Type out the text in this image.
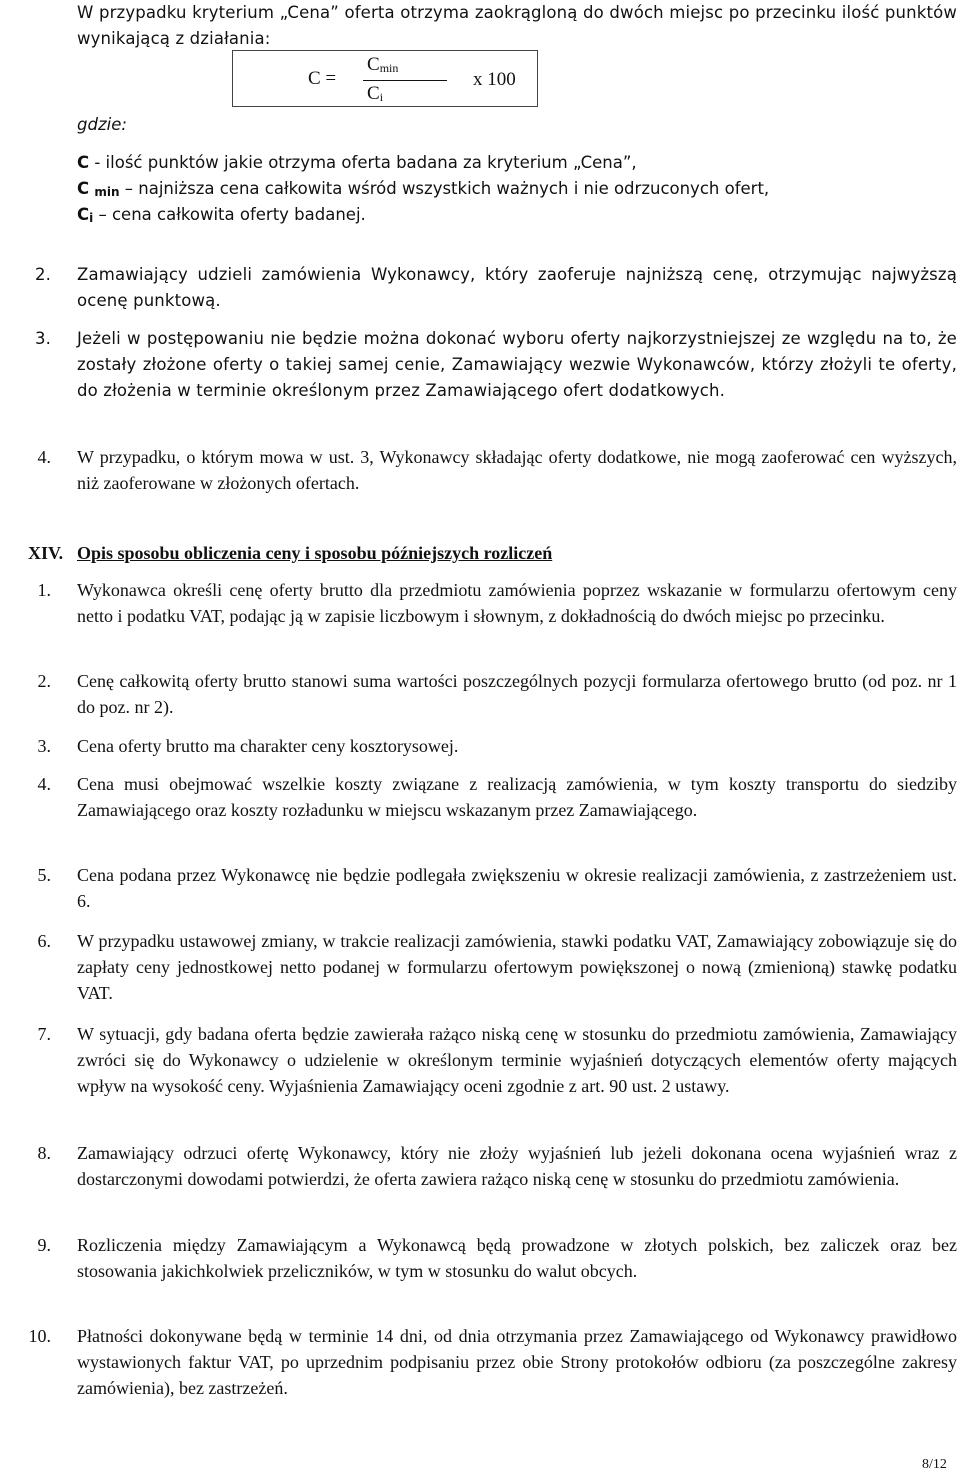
W przypadku kryterium „Cena” oferta otrzyma zaokrągloną do dwóch miejsc po przecinku ilość punktów wynikającą z działania:
C =
$C_{min}$
$C_i$
x 100
gdzie:
C - ilość punktów jakie otrzyma oferta badana za kryterium „Cena”,
C $_{min}$ – najniższa cena całkowita wśród wszystkich ważnych i nie odrzuconych ofert,
$C_i$ – cena całkowita oferty badanej.
2. Zamawiający udzieli zamówienia Wykonawcy, który zaoferuje najniższą cenę, otrzymując najwyższą ocenę punktową.
3. Jeżeli w postępowaniu nie będzie można dokonać wyboru oferty najkorzystniejszej ze względu na to, że zostały złożone oferty o takiej samej cenie, Zamawiający wezwie Wykonawców, którzy złożyli te oferty, do złożenia w terminie określonym przez Zamawiającego ofert dodatkowych.
4. W przypadku, o którym mowa w ust. 3, Wykonawcy składając oferty dodatkowe, nie mogą zaoferować cen wyższych, niż zaoferowane w złożonych ofertach.
XIV. Opis sposobu obliczenia ceny i sposobu późniejszych rozliczeń
1. Wykonawca określi cenę oferty brutto dla przedmiotu zamówienia poprzez wskazanie w formularzu ofertowym ceny netto i podatku VAT, podając ją w zapisie liczbowym i słownym, z dokładnością do dwóch miejsc po przecinku.
2. Cenę całkowitą oferty brutto stanowi suma wartości poszczególnych pozycji formularza ofertowego brutto (od poz. nr 1 do poz. nr 2).
3. Cena oferty brutto ma charakter ceny kosztorysowej.
4. Cena musi obejmować wszelkie koszty związane z realizacją zamówienia, w tym koszty transportu do siedziby Zamawiającego oraz koszty rozładunku w miejscu wskazanym przez Zamawiającego.
5. Cena podana przez Wykonawcę nie będzie podlegała zwiększeniu w okresie realizacji zamówienia, z zastrzeżeniem ust. 6.
6. W przypadku ustawowej zmiany, w trakcie realizacji zamówienia, stawki podatku VAT, Zamawiający zobowiązuje się do zapłaty ceny jednostkowej netto podanej w formularzu ofertowym powiększonej o nową (zmienioną) stawkę podatku VAT.
7. W sytuacji, gdy badana oferta będzie zawierała rażąco niską cenę w stosunku do przedmiotu zamówienia, Zamawiający zwróci się do Wykonawcy o udzielenie w określonym terminie wyjaśnień dotyczących elementów oferty mających wpływ na wysokość ceny. Wyjaśnienia Zamawiający oceni zgodnie z art. 90 ust. 2 ustawy.
8. Zamawiający odrzuci ofertę Wykonawcy, który nie złoży wyjaśnień lub jeżeli dokonana ocena wyjaśnień wraz z dostarczonymi dowodami potwierdzi, że oferta zawiera rażąco niską cenę w stosunku do przedmiotu zamówienia.
9. Rozliczenia między Zamawiającym a Wykonawcą będą prowadzone w złotych polskich, bez zaliczek oraz bez stosowania jakichkolwiek przeliczników, w tym w stosunku do walut obcych.
10. Płatności dokonywane będą w terminie 14 dni, od dnia otrzymania przez Zamawiającego od Wykonawcy prawidłowo wystawionych faktur VAT, po uprzednim podpisaniu przez obie Strony protokołów odbioru (za poszczególne zakresy zamówienia), bez zastrzeżeń.
8/12
